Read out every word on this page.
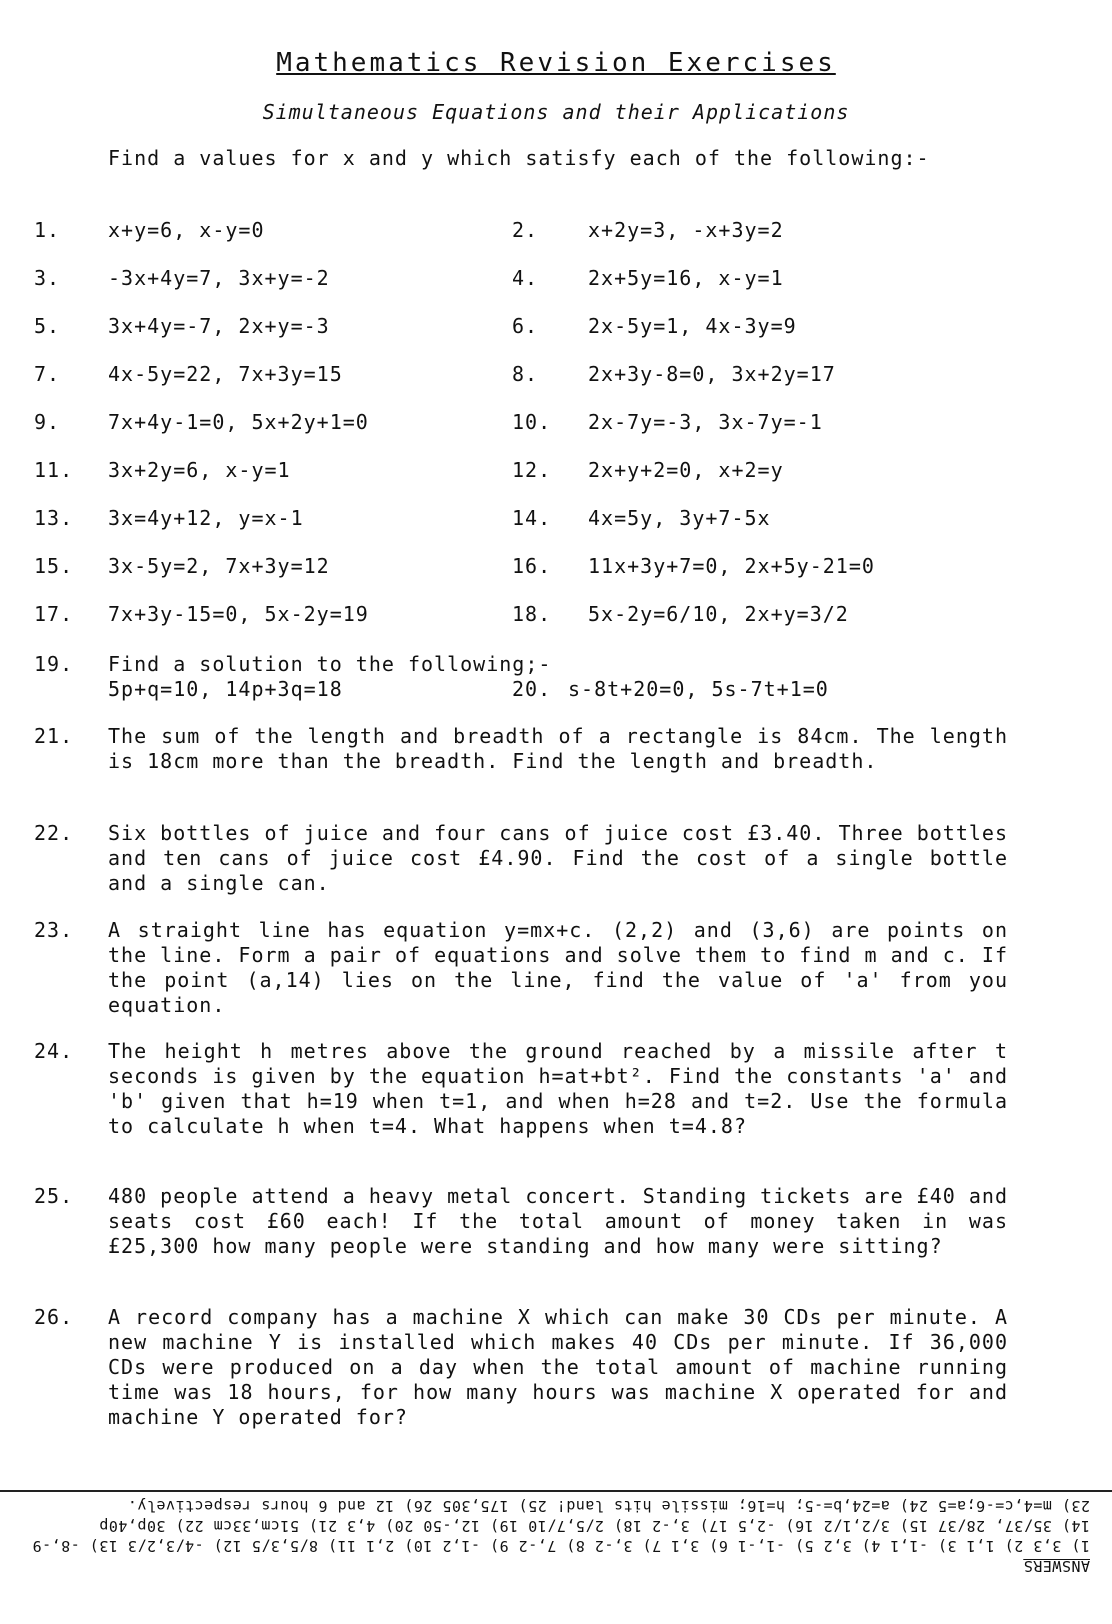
Mathematics Revision Exercises
Simultaneous Equations and their Applications
Find a values for x and y which satisfy each of the following:-
1. x+y=6, x-y=0	2. x+2y=3, -x+3y=2
3. -3x+4y=7, 3x+y=-2	4. 2x+5y=16, x-y=1
5. 3x+4y=-7, 2x+y=-3	6. 2x-5y=1, 4x-3y=9
7. 4x-5y=22, 7x+3y=15	8. 2x+3y-8=0, 3x+2y=17
9. 7x+4y-1=0, 5x+2y+1=0	10. 2x-7y=-3, 3x-7y=-1
11. 3x+2y=6, x-y=1	12. 2x+y+2=0, x+2=y
13. 3x=4y+12, y=x-1	14. 4x=5y, 3y+7-5x
15. 3x-5y=2, 7x+3y=12	16. 11x+3y+7=0, 2x+5y-21=0
17. 7x+3y-15=0, 5x-2y=19	18. 5x-2y=6/10, 2x+y=3/2
19. Find a solution to the following;-
5p+q=10, 14p+3q=18	20. s-8t+20=0, 5s-7t+1=0
21. The sum of the length and breadth of a rectangle is 84cm. The length is 18cm more than the breadth. Find the length and breadth.
22. Six bottles of juice and four cans of juice cost £3.40. Three bottles and ten cans of juice cost £4.90. Find the cost of a single bottle and a single can.
23. A straight line has equation y=mx+c. (2,2) and (3,6) are points on the line. Form a pair of equations and solve them to find m and c. If the point (a,14) lies on the line, find the value of 'a' from you equation.
24. The height h metres above the ground reached by a missile after t seconds is given by the equation h=at+bt². Find the constants 'a' and 'b' given that h=19 when t=1, and when h=28 and t=2. Use the formula to calculate h when t=4. What happens when t=4.8?
25. 480 people attend a heavy metal concert. Standing tickets are £40 and seats cost £60 each! If the total amount of money taken in was £25,300 how many people were standing and how many were sitting?
26. A record company has a machine X which can make 30 CDs per minute. A new machine Y is installed which makes 40 CDs per minute. If 36,000 CDs were produced on a day when the total amount of machine running time was 18 hours, for how many hours was machine X operated for and machine Y operated for?
ANSWERS
1) 3,3 2) 1,1 3) -1,1 4) 3,2 5) -1,-1 6) 3,1 7) 3,-2 8) 7,-2 9) -1,2 10) 2,1 11) 8/5,3/5 12) -4/3,2/3 13) -8,-9
14) 35/37, 28/37 15) 3/2,1/2 16) -2,5 17) 3,-2 18) 2/5,7/10 19) 12,-50 20) 4,3 21) 51cm,33cm 22) 30p,40p
23) m=4,c=-6;a=5 24) a=24,b=-5; h=16; missile hits land! 25) 175,305 26) 12 and 6 hours respectively.
